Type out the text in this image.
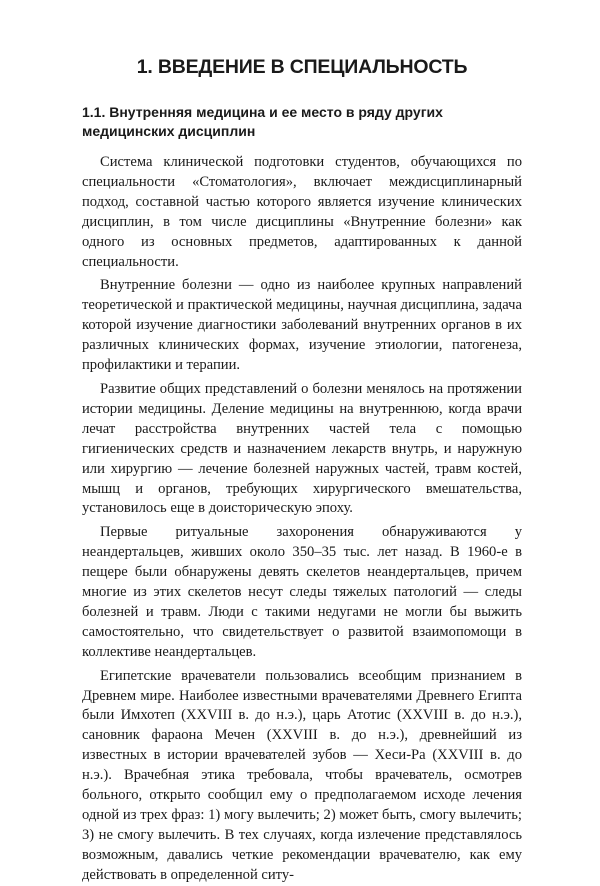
1. ВВЕДЕНИЕ В СПЕЦИАЛЬНОСТЬ
1.1. Внутренняя медицина и ее место в ряду других медицинских дисциплин

Система клинической подготовки студентов, обучающихся по специальности «Стоматология», включает междисциплинарный подход, составной частью которого является изучение клинических дисциплин, в том числе дисциплины «Внутренние болезни» как одного из основных предметов, адаптированных к данной специальности.

Внутренние болезни — одно из наиболее крупных направлений теоретической и практической медицины, научная дисциплина, задача которой изучение диагностики заболеваний внутренних органов в их различных клинических формах, изучение этиологии, патогенеза, профилактики и терапии.

Развитие общих представлений о болезни менялось на протяжении истории медицины. Деление медицины на внутреннюю, когда врачи лечат расстройства внутренних частей тела с помощью гигиенических средств и назначением лекарств внутрь, и наружную или хирургию — лечение болезней наружных частей, травм костей, мышц и органов, требующих хирургического вмешательства, установилось еще в доисторическую эпоху.

Первые ритуальные захоронения обнаруживаются у неандертальцев, живших около 350–35 тыс. лет назад. В 1960-е в пещере были обнаружены девять скелетов неандертальцев, причем многие из этих скелетов несут следы тяжелых патологий — следы болезней и травм. Люди с такими недугами не могли бы выжить самостоятельно, что свидетельствует о развитой взаимопомощи в коллективе неандертальцев.

Египетские врачеватели пользовались всеобщим признанием в Древнем мире. Наиболее известными врачевателями Древнего Египта были Имхотеп (XXVIII в. до н.э.), царь Атотис (XXVIII в. до н.э.), сановник фараона Мечен (XXVIII в. до н.э.), древнейший из известных в истории врачевателей зубов — Хеси-Ра (XXVIII в. до н.э.). Врачебная этика требовала, чтобы врачеватель, осмотрев больного, открыто сообщил ему о предполагаемом исходе лечения одной из трех фраз: 1) могу вылечить; 2) может быть, смогу вылечить; 3) не смогу вылечить. В тех случаях, когда излечение представлялось возможным, давались четкие рекомендации врачевателю, как ему действовать в определенной ситу-
